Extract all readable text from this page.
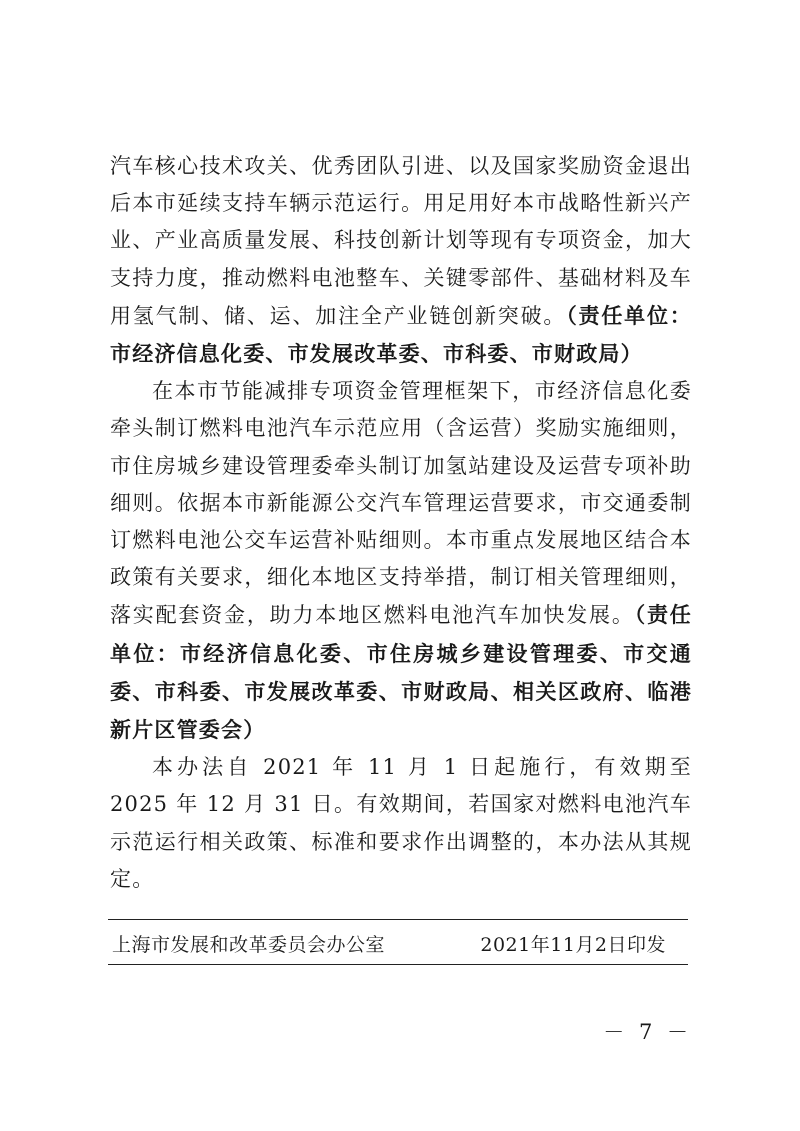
汽车核心技术攻关、优秀团队引进、以及国家奖励资金退出后本市延续支持车辆示范运行。用足用好本市战略性新兴产业、产业高质量发展、科技创新计划等现有专项资金，加大支持力度，推动燃料电池整车、关键零部件、基础材料及车用氢气制、储、运、加注全产业链创新突破。（责任单位：市经济信息化委、市发展改革委、市科委、市财政局）

在本市节能减排专项资金管理框架下，市经济信息化委牵头制订燃料电池汽车示范应用（含运营）奖励实施细则，市住房城乡建设管理委牵头制订加氢站建设及运营专项补助细则。依据本市新能源公交汽车管理运营要求，市交通委制订燃料电池公交车运营补贴细则。本市重点发展地区结合本政策有关要求，细化本地区支持举措，制订相关管理细则，落实配套资金，助力本地区燃料电池汽车加快发展。（责任单位：市经济信息化委、市住房城乡建设管理委、市交通委、市科委、市发展改革委、市财政局、相关区政府、临港新片区管委会）

本办法自 2021 年 11 月 1 日起施行，有效期至 2025 年 12 月 31 日。有效期间，若国家对燃料电池汽车示范运行相关政策、标准和要求作出调整的，本办法从其规定。

上海市发展和改革委员会办公室	2021年11月2日印发
－ 7 －
